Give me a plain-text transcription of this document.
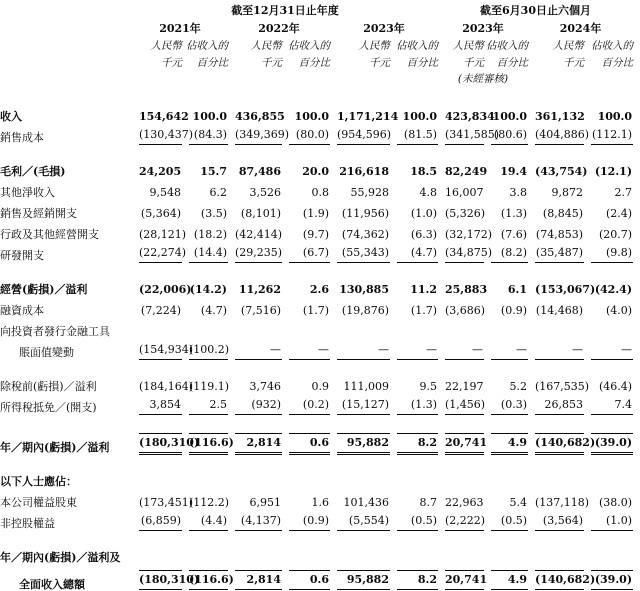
	截至12月31日止年度						截至6月30日止六個月			
	2021年		2022年		2023年		2023年		2024年	
	人民幣	佔收入的	人民幣	佔收入的	人民幣	佔收入的	人民幣	佔收入的	人民幣	佔收入的
	千元	百分比	千元	百分比	千元	百分比	千元	百分比	千元	百分比
							(未經審核)			

收入	154,642	100.0	436,855	100.0	1,171,214	100.0	423,834	100.0	361,132	100.0

銷售成本	(130,437)	(84.3)	(349,369)	(80.0)	(954,596)	(81.5)	(341,585)	(80.6)	(404,886)	(112.1)

毛利／(毛損)	24,205	15.7	87,486	20.0	216,618	18.5	82,249	19.4	(43,754)	(12.1)

其他淨收入	9,548	6.2	3,526	0.8	55,928	4.8	16,007	3.8	9,872	2.7

銷售及經銷開支	(5,364)	(3.5)	(8,101)	(1.9)	(11,956)	(1.0)	(5,326)	(1.3)	(8,845)	(2.4)

行政及其他經營開支	(28,121)	(18.2)	(42,414)	(9.7)	(74,362)	(6.3)	(32,172)	(7.6)	(74,853)	(20.7)

研發開支	(22,274)	(14.4)	(29,235)	(6.7)	(55,343)	(4.7)	(34,875)	(8.2)	(35,487)	(9.8)

經營(虧損)／溢利	(22,006)	(14.2)	11,262	2.6	130,885	11.2	25,883	6.1	(153,067)	(42.4)

融資成本	(7,224)	(4.7)	(7,516)	(1.7)	(19,876)	(1.7)	(3,686)	(0.9)	(14,468)	(4.0)

向投資者發行金融工具	

賬面值變動	(154,934)	(100.2)	—	—	—	—	—	—	—	—

除稅前(虧損)／溢利	(184,164)	(119.1)	3,746	0.9	111,009	9.5	22,197	5.2	(167,535)	(46.4)

所得稅抵免／(開支)	3,854	2.5	(932)	(0.2)	(15,127)	(1.3)	(1,456)	(0.3)	26,853	7.4

年／期內(虧損)／溢利	(180,310)	(116.6)	2,814	0.6	95,882	8.2	20,741	4.9	(140,682)	(39.0)

以下人士應佔：	

本公司權益股東	(173,451)	(112.2)	6,951	1.6	101,436	8.7	22,963	5.4	(137,118)	(38.0)

非控股權益	(6,859)	(4.4)	(4,137)	(0.9)	(5,554)	(0.5)	(2,222)	(0.5)	(3,564)	(1.0)

年／期內(虧損)／溢利及	

全面收入總額	(180,310)	(116.6)	2,814	0.6	95,882	8.2	20,741	4.9	(140,682)	(39.0)
